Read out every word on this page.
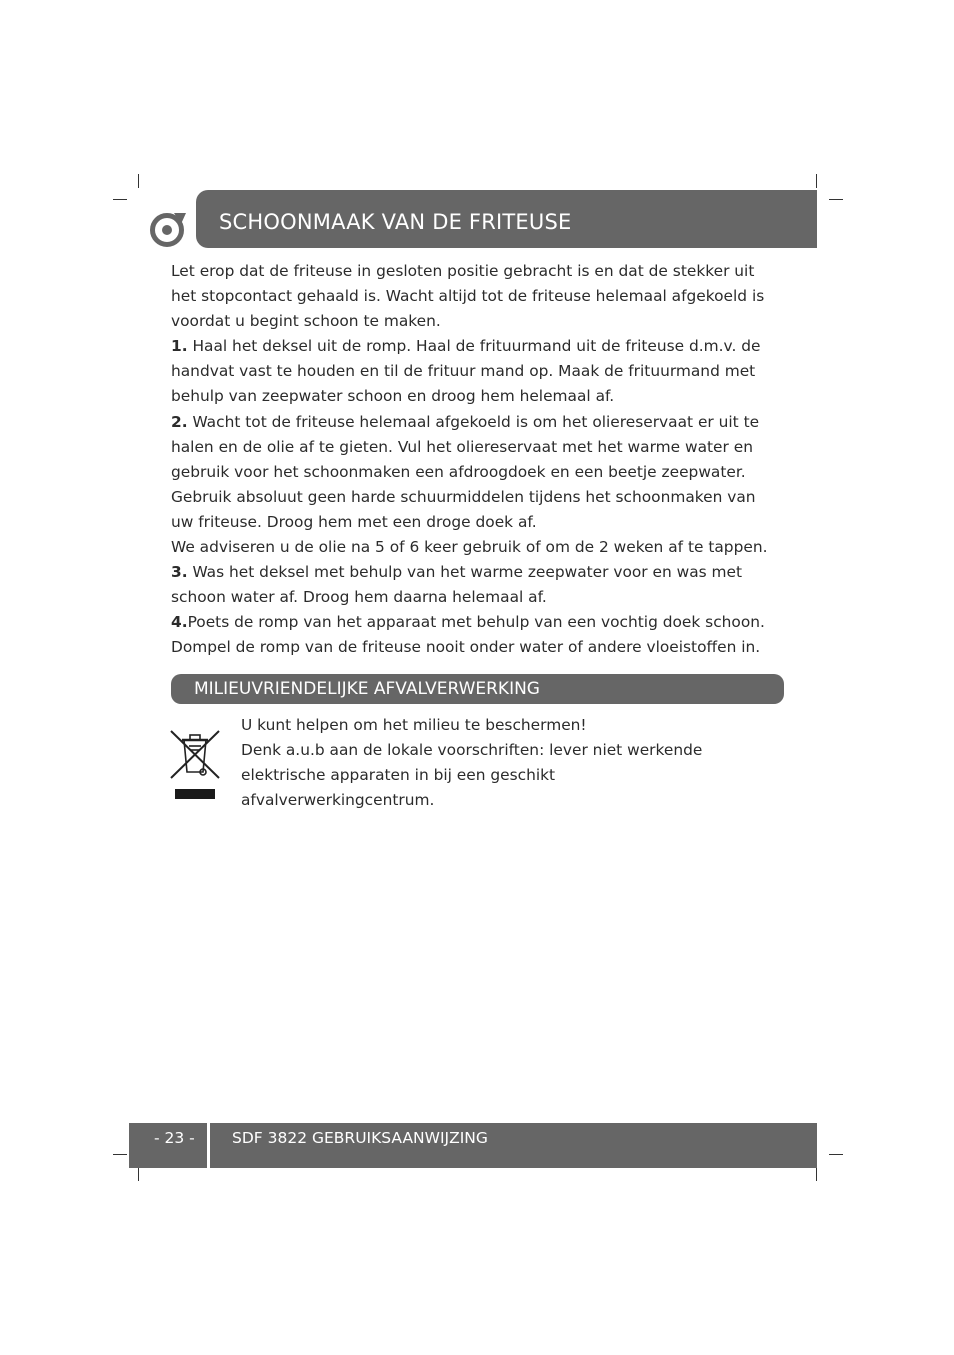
SCHOONMAAK VAN DE FRITEUSE

Let erop dat de friteuse in gesloten positie gebracht is en dat de stekker uit

het stopcontact gehaald is. Wacht altijd tot de friteuse helemaal afgekoeld is

voordat u begint schoon te maken.

1. Haal het deksel uit de romp. Haal de frituurmand uit de friteuse d.m.v. de

handvat vast te houden en til de frituur mand op. Maak de frituurmand met

behulp van zeepwater schoon en droog hem helemaal af.

2. Wacht tot de friteuse helemaal afgekoeld is om het oliereservaat er uit te

halen en de olie af te gieten. Vul het oliereservaat met het warme water en

gebruik voor het schoonmaken een afdroogdoek en een beetje zeepwater.

Gebruik absoluut geen harde schuurmiddelen tijdens het schoonmaken van

uw friteuse. Droog hem met een droge doek af.

We adviseren u de olie na 5 of 6 keer gebruik of om de 2 weken af te tappen.

3. Was het deksel met behulp van het warme zeepwater voor en was met

schoon water af. Droog hem daarna helemaal af.

4.Poets de romp van het apparaat met behulp van een vochtig doek schoon.

Dompel de romp van de friteuse nooit onder water of andere vloeistoffen in.

MILIEUVRIENDELIJKE AFVALVERWERKING

U kunt helpen om het milieu te beschermen!

Denk a.u.b aan de lokale voorschriften: lever niet werkende

elektrische apparaten in bij een geschikt

afvalverwerkingcentrum.

- 23 - SDF 3822 GEBRUIKSAANWIJZING
